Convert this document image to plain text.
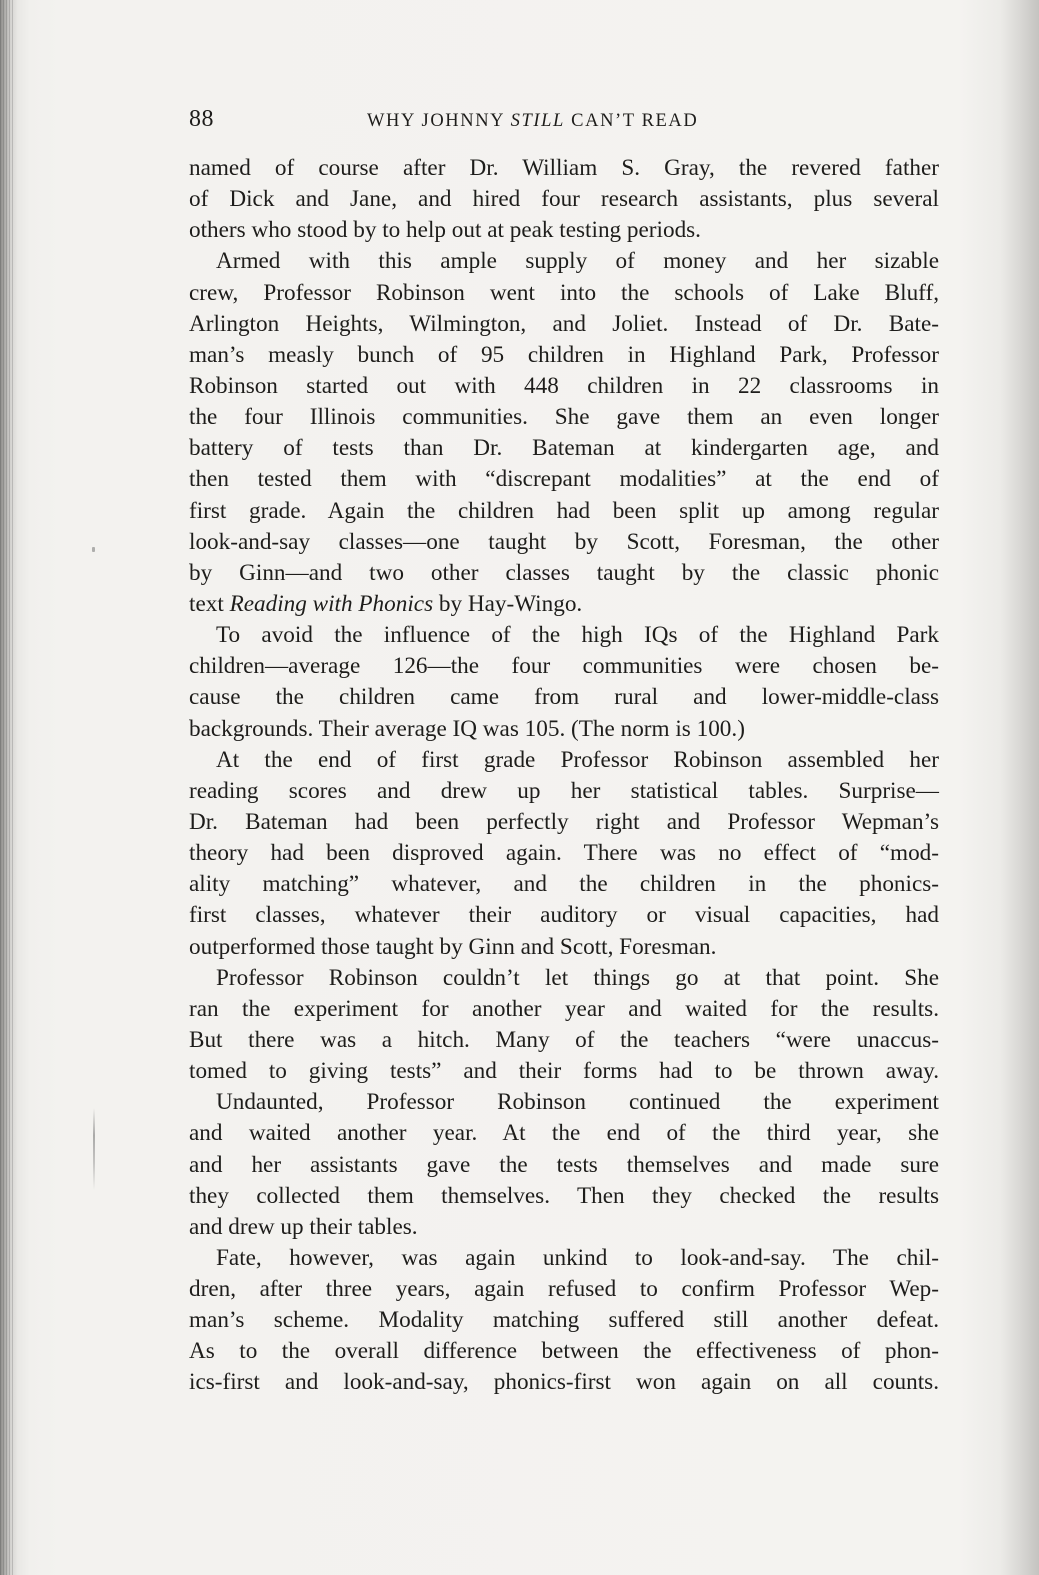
88	WHY JOHNNY STILL CAN’T READ
named of course after Dr. William S. Gray, the revered father
of Dick and Jane, and hired four research assistants, plus several
others who stood by to help out at peak testing periods.
Armed with this ample supply of money and her sizable
crew, Professor Robinson went into the schools of Lake Bluff,
Arlington Heights, Wilmington, and Joliet. Instead of Dr. Bate-
man’s measly bunch of 95 children in Highland Park, Professor
Robinson started out with 448 children in 22 classrooms in
the four Illinois communities. She gave them an even longer
battery of tests than Dr. Bateman at kindergarten age, and
then tested them with “discrepant modalities” at the end of
first grade. Again the children had been split up among regular
look-and-say classes—one taught by Scott, Foresman, the other
by Ginn—and two other classes taught by the classic phonic
text Reading with Phonics by Hay-Wingo.
To avoid the influence of the high IQs of the Highland Park
children—average 126—the four communities were chosen be-
cause the children came from rural and lower-middle-class
backgrounds. Their average IQ was 105. (The norm is 100.)
At the end of first grade Professor Robinson assembled her
reading scores and drew up her statistical tables. Surprise—
Dr. Bateman had been perfectly right and Professor Wepman’s
theory had been disproved again. There was no effect of “mod-
ality matching” whatever, and the children in the phonics-
first classes, whatever their auditory or visual capacities, had
outperformed those taught by Ginn and Scott, Foresman.
Professor Robinson couldn’t let things go at that point. She
ran the experiment for another year and waited for the results.
But there was a hitch. Many of the teachers “were unaccus-
tomed to giving tests” and their forms had to be thrown away.
Undaunted, Professor Robinson continued the experiment
and waited another year. At the end of the third year, she
and her assistants gave the tests themselves and made sure
they collected them themselves. Then they checked the results
and drew up their tables.
Fate, however, was again unkind to look-and-say. The chil-
dren, after three years, again refused to confirm Professor Wep-
man’s scheme. Modality matching suffered still another defeat.
As to the overall difference between the effectiveness of phon-
ics-first and look-and-say, phonics-first won again on all counts.
